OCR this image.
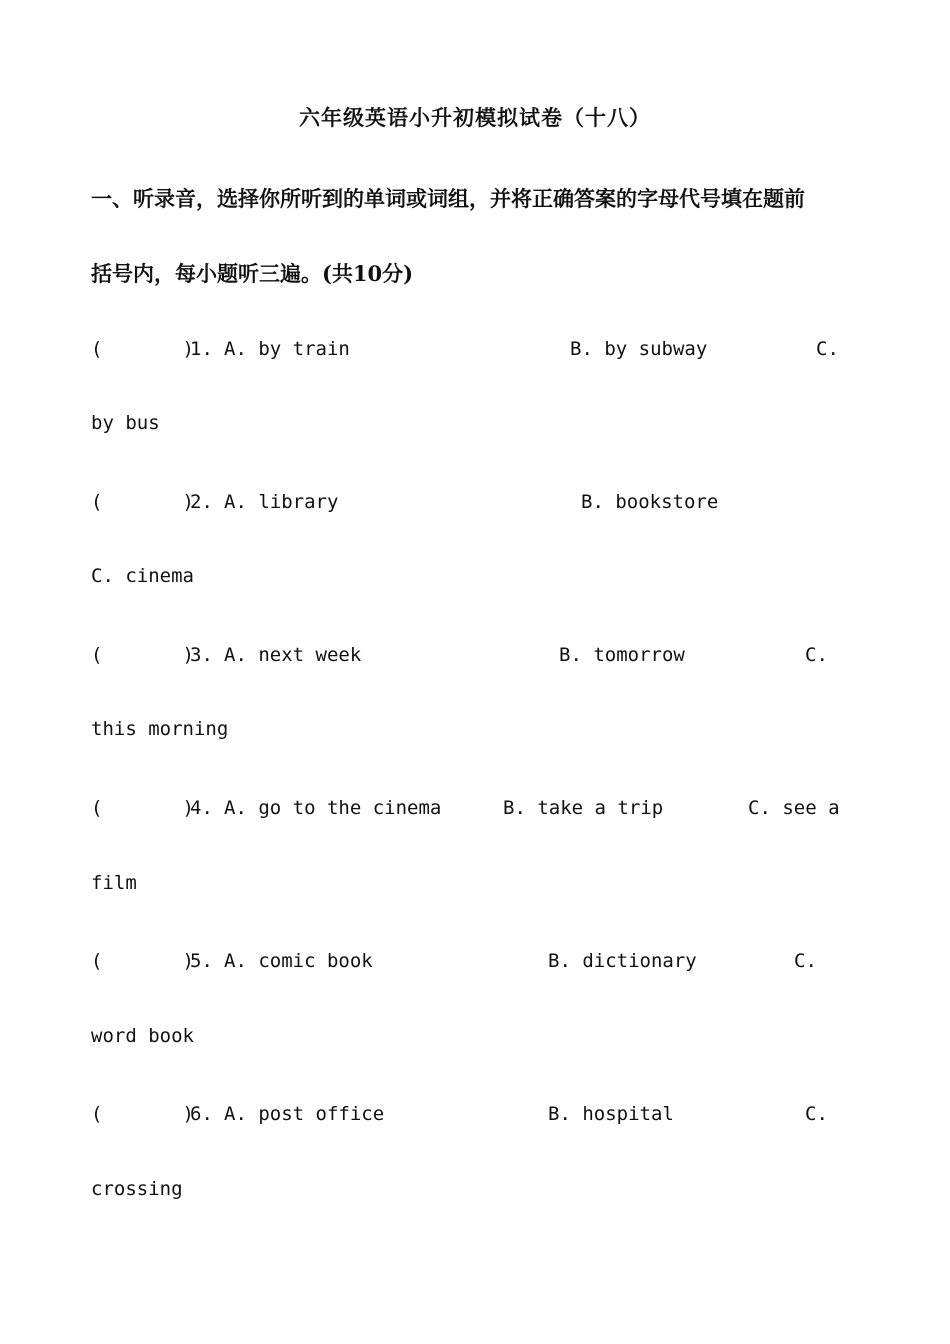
六年级英语小升初模拟试卷（十八）
一、听录音，选择你所听到的单词或词组，并将正确答案的字母代号填在题前
括号内，每小题听三遍。(共10分)
(       )
1. A. by train	B. by subway	C.
by bus
(       )
2. A. library	B. bookstore
C. cinema
(       )
3. A. next week	B. tomorrow	C.
this morning
(       )
4. A. go to the cinema	B. take a trip	C. see a
film
(       )
5. A. comic book	B. dictionary	C.
word book
(       )
6. A. post office	B. hospital	C.
crossing
